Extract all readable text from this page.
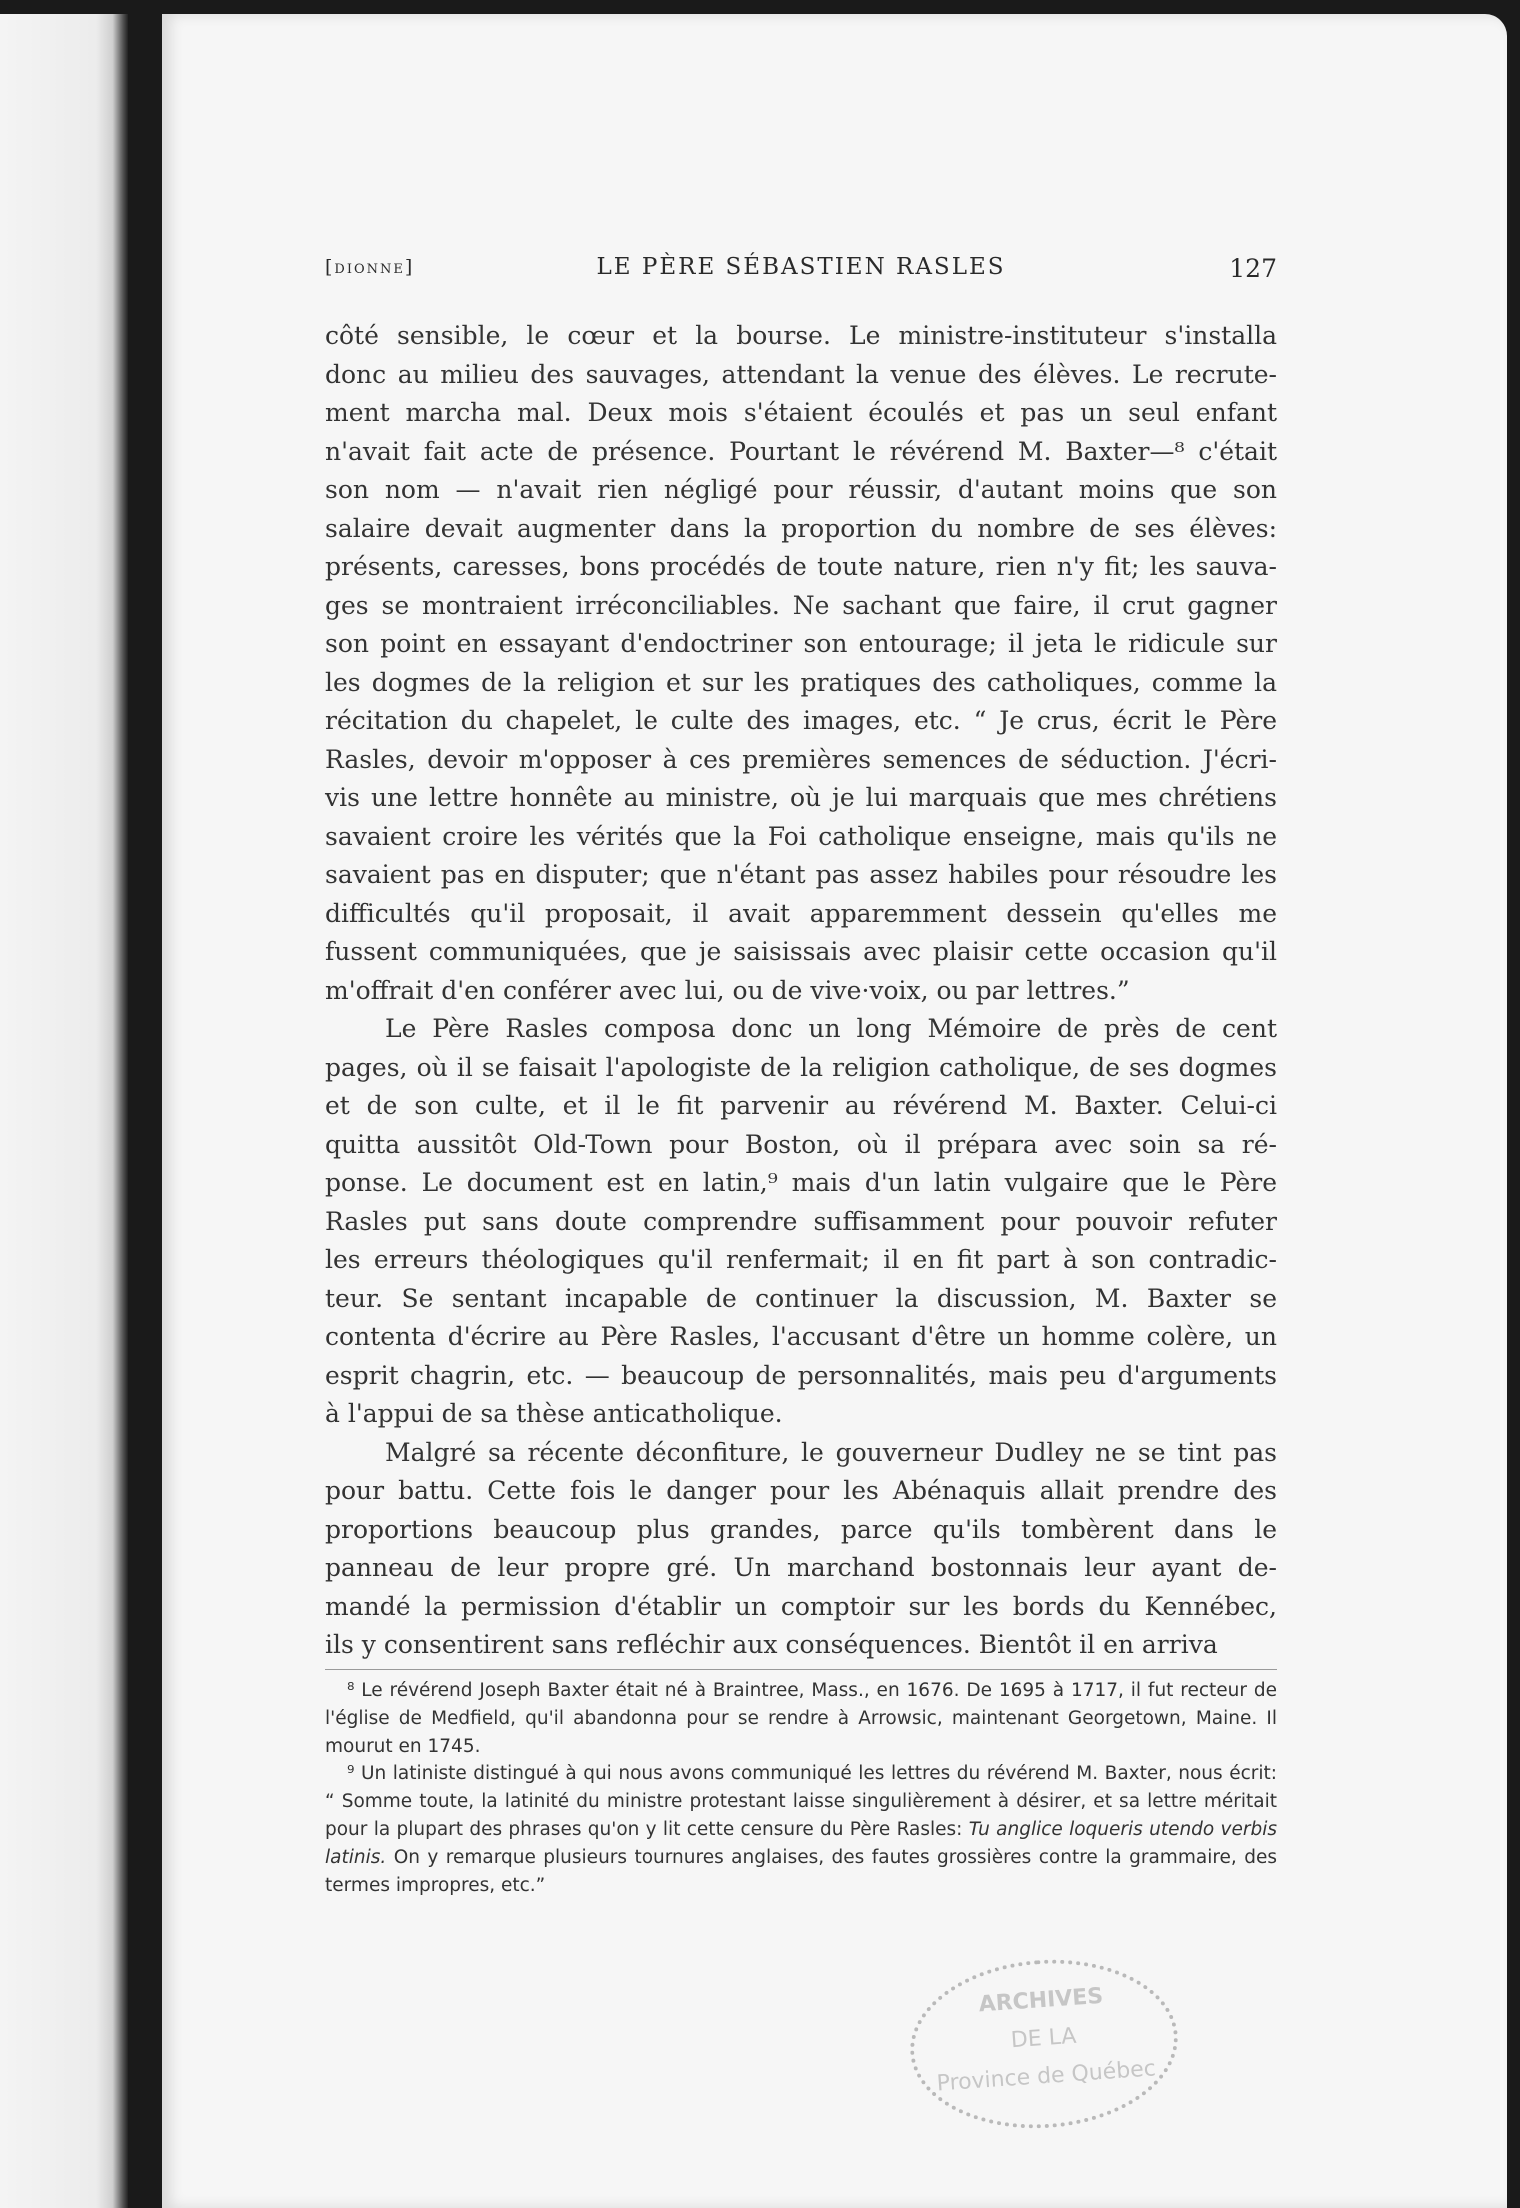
[dionne]	LE PÈRE SÉBASTIEN RASLES	127

côté sensible, le cœur et la bourse. Le ministre-instituteur s'installa
donc au milieu des sauvages, attendant la venue des élèves. Le recrute-
ment marcha mal. Deux mois s'étaient écoulés et pas un seul enfant
n'avait fait acte de présence. Pourtant le révérend M. Baxter—⁸ c'était
son nom — n'avait rien négligé pour réussir, d'autant moins que son
salaire devait augmenter dans la proportion du nombre de ses élèves:
présents, caresses, bons procédés de toute nature, rien n'y fit; les sauva-
ges se montraient irréconciliables. Ne sachant que faire, il crut gagner
son point en essayant d'endoctriner son entourage; il jeta le ridicule sur
les dogmes de la religion et sur les pratiques des catholiques, comme la
récitation du chapelet, le culte des images, etc. “ Je crus, écrit le Père
Rasles, devoir m'opposer à ces premières semences de séduction. J'écri-
vis une lettre honnête au ministre, où je lui marquais que mes chrétiens
savaient croire les vérités que la Foi catholique enseigne, mais qu'ils ne
savaient pas en disputer; que n'étant pas assez habiles pour résoudre les
difficultés qu'il proposait, il avait apparemment dessein qu'elles me
fussent communiquées, que je saisissais avec plaisir cette occasion qu'il
m'offrait d'en conférer avec lui, ou de vive·voix, ou par lettres.”

Le Père Rasles composa donc un long Mémoire de près de cent
pages, où il se faisait l'apologiste de la religion catholique, de ses dogmes
et de son culte, et il le fit parvenir au révérend M. Baxter. Celui-ci
quitta aussitôt Old-Town pour Boston, où il prépara avec soin sa ré-
ponse. Le document est en latin,⁹ mais d'un latin vulgaire que le Père
Rasles put sans doute comprendre suffisamment pour pouvoir refuter
les erreurs théologiques qu'il renfermait; il en fit part à son contradic-
teur. Se sentant incapable de continuer la discussion, M. Baxter se
contenta d'écrire au Père Rasles, l'accusant d'être un homme colère, un
esprit chagrin, etc. — beaucoup de personnalités, mais peu d'arguments
à l'appui de sa thèse anticatholique.

Malgré sa récente déconfiture, le gouverneur Dudley ne se tint pas
pour battu. Cette fois le danger pour les Abénaquis allait prendre des
proportions beaucoup plus grandes, parce qu'ils tombèrent dans le
panneau de leur propre gré. Un marchand bostonnais leur ayant de-
mandé la permission d'établir un comptoir sur les bords du Kennébec,
ils y consentirent sans refléchir aux conséquences. Bientôt il en arriva

⁸ Le révérend Joseph Baxter était né à Braintree, Mass., en 1676. De 1695 à 1717, il fut recteur de l'église de Medfield, qu'il abandonna pour se rendre à Arrowsic, maintenant Georgetown, Maine. Il mourut en 1745.

⁹ Un latiniste distingué à qui nous avons communiqué les lettres du révérend M. Baxter, nous écrit: “ Somme toute, la latinité du ministre protestant laisse singulièrement à désirer, et sa lettre méritait pour la plupart des phrases qu'on y lit cette censure du Père Rasles: Tu anglice loqueris utendo verbis latinis. On y remarque plusieurs tournures anglaises, des fautes grossières contre la grammaire, des termes impropres, etc.”

ARCHIVES
DE LA
Province de Québec
